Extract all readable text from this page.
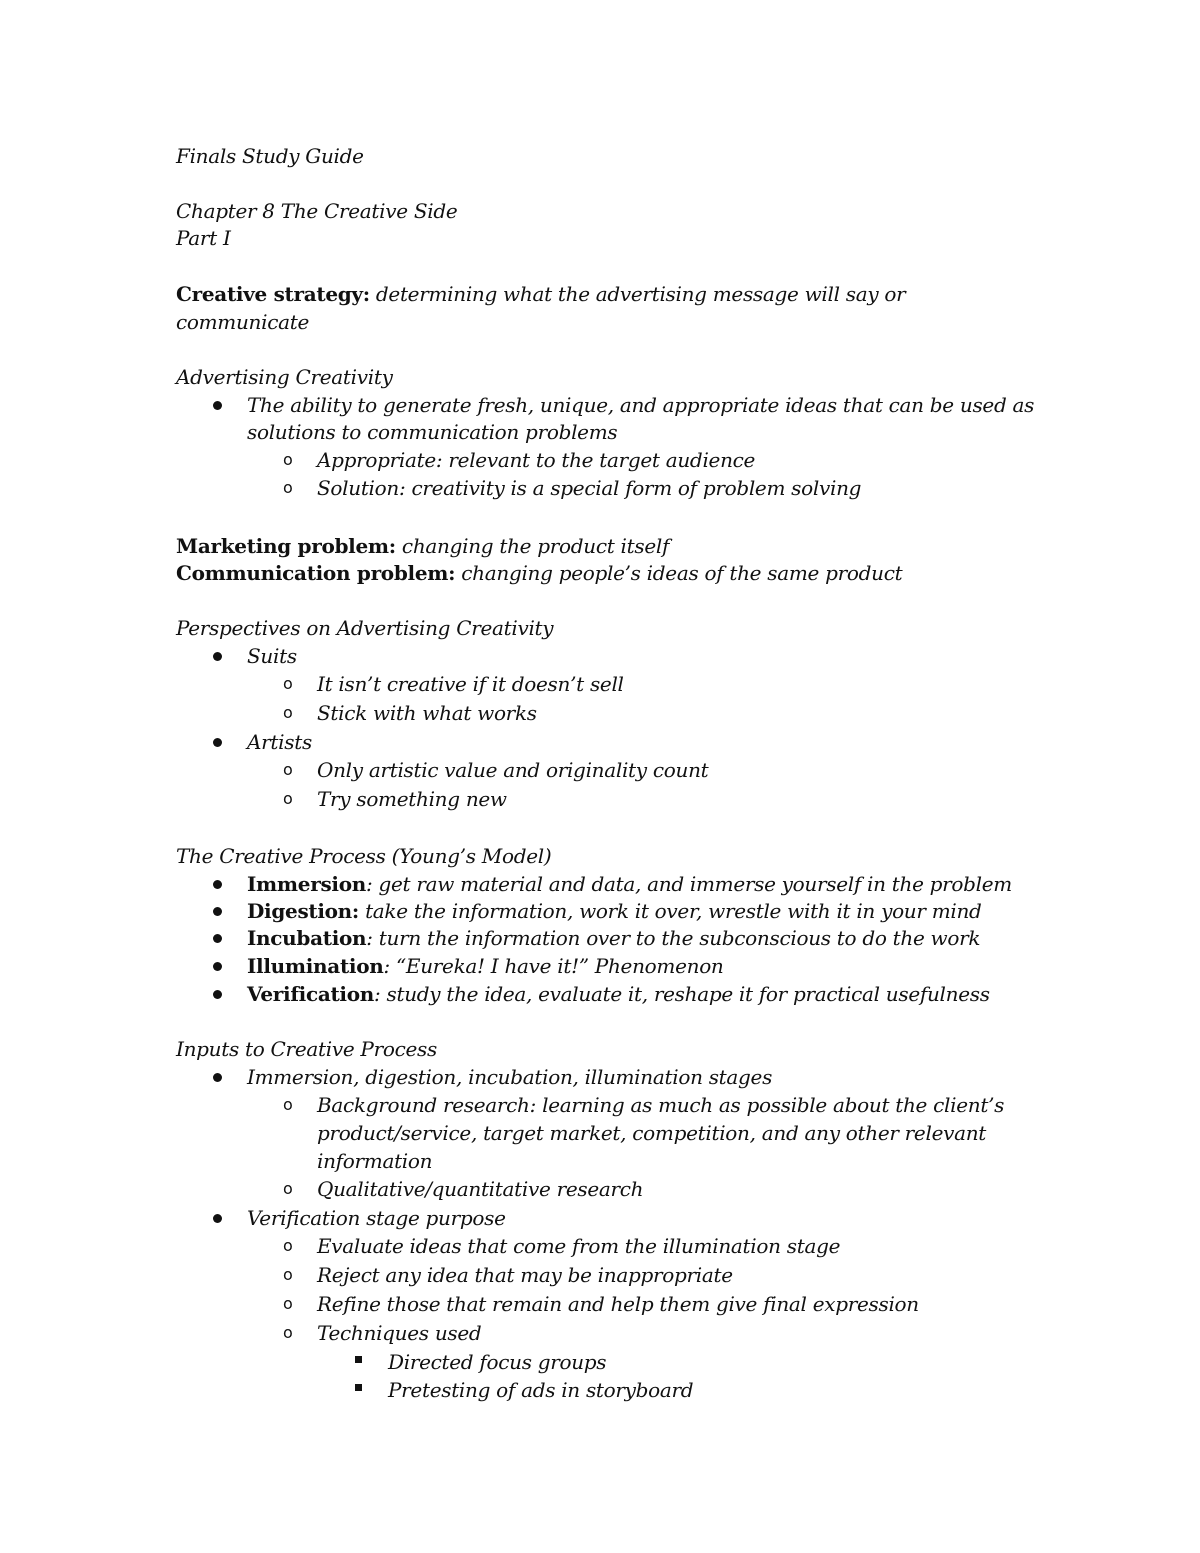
Finals Study Guide
Chapter 8 The Creative Side
Part I
Creative strategy: determining what the advertising message will say or
communicate
Advertising Creativity
The ability to generate fresh, unique, and appropriate ideas that can be used as
solutions to communication problems
o Appropriate: relevant to the target audience
o Solution: creativity is a special form of problem solving
Marketing problem: changing the product itself
Communication problem: changing people’s ideas of the same product
Perspectives on Advertising Creativity
Suits
o It isn’t creative if it doesn’t sell
o Stick with what works
Artists
o Only artistic value and originality count
o Try something new
The Creative Process (Young’s Model)
Immersion: get raw material and data, and immerse yourself in the problem
Digestion: take the information, work it over, wrestle with it in your mind
Incubation: turn the information over to the subconscious to do the work
Illumination: “Eureka! I have it!” Phenomenon
Verification: study the idea, evaluate it, reshape it for practical usefulness
Inputs to Creative Process
Immersion, digestion, incubation, illumination stages
o Background research: learning as much as possible about the client’s
product/service, target market, competition, and any other relevant
information
o Qualitative/quantitative research
Verification stage purpose
o Evaluate ideas that come from the illumination stage
o Reject any idea that may be inappropriate
o Refine those that remain and help them give final expression
o Techniques used
Directed focus groups
Pretesting of ads in storyboard
